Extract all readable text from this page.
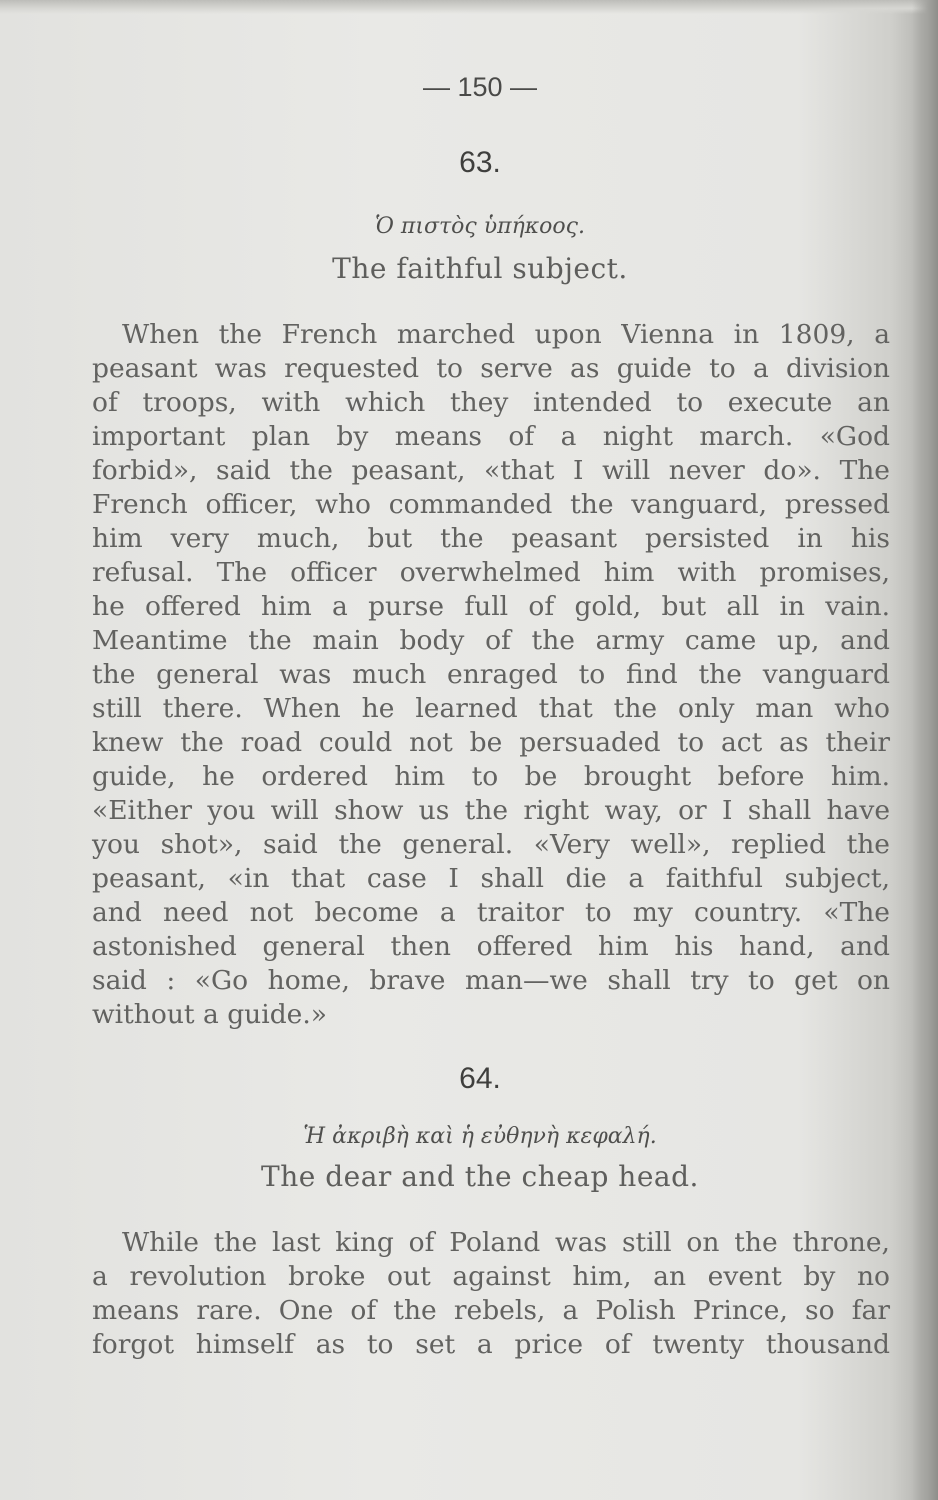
— 150 —
63.
Ὁ πιστὸς ὑπήκοος.
The faithful subject.
When the French marched upon Vienna in 1809, a
peasant was requested to serve as guide to a division
of troops, with which they intended to execute an
important plan by means of a night march. «God
forbid», said the peasant, «that I will never do». The
French officer, who commanded the vanguard, pressed
him very much, but the peasant persisted in his
refusal. The officer overwhelmed him with promises,
he offered him a purse full of gold, but all in vain.
Meantime the main body of the army came up, and
the general was much enraged to find the vanguard
still there. When he learned that the only man who
knew the road could not be persuaded to act as their
guide, he ordered him to be brought before him.
«Either you will show us the right way, or I shall have
you shot», said the general. «Very well», replied the
peasant, «in that case I shall die a faithful subject,
and need not become a traitor to my country. «The
astonished general then offered him his hand, and
said : «Go home, brave man—we shall try to get on
without a guide.»
64.
Ἡ ἀκριβὴ καὶ ἡ εὐθηνὴ κεφαλή.
The dear and the cheap head.
While the last king of Poland was still on the throne,
a revolution broke out against him, an event by no
means rare. One of the rebels, a Polish Prince, so far
forgot himself as to set a price of twenty thousand
